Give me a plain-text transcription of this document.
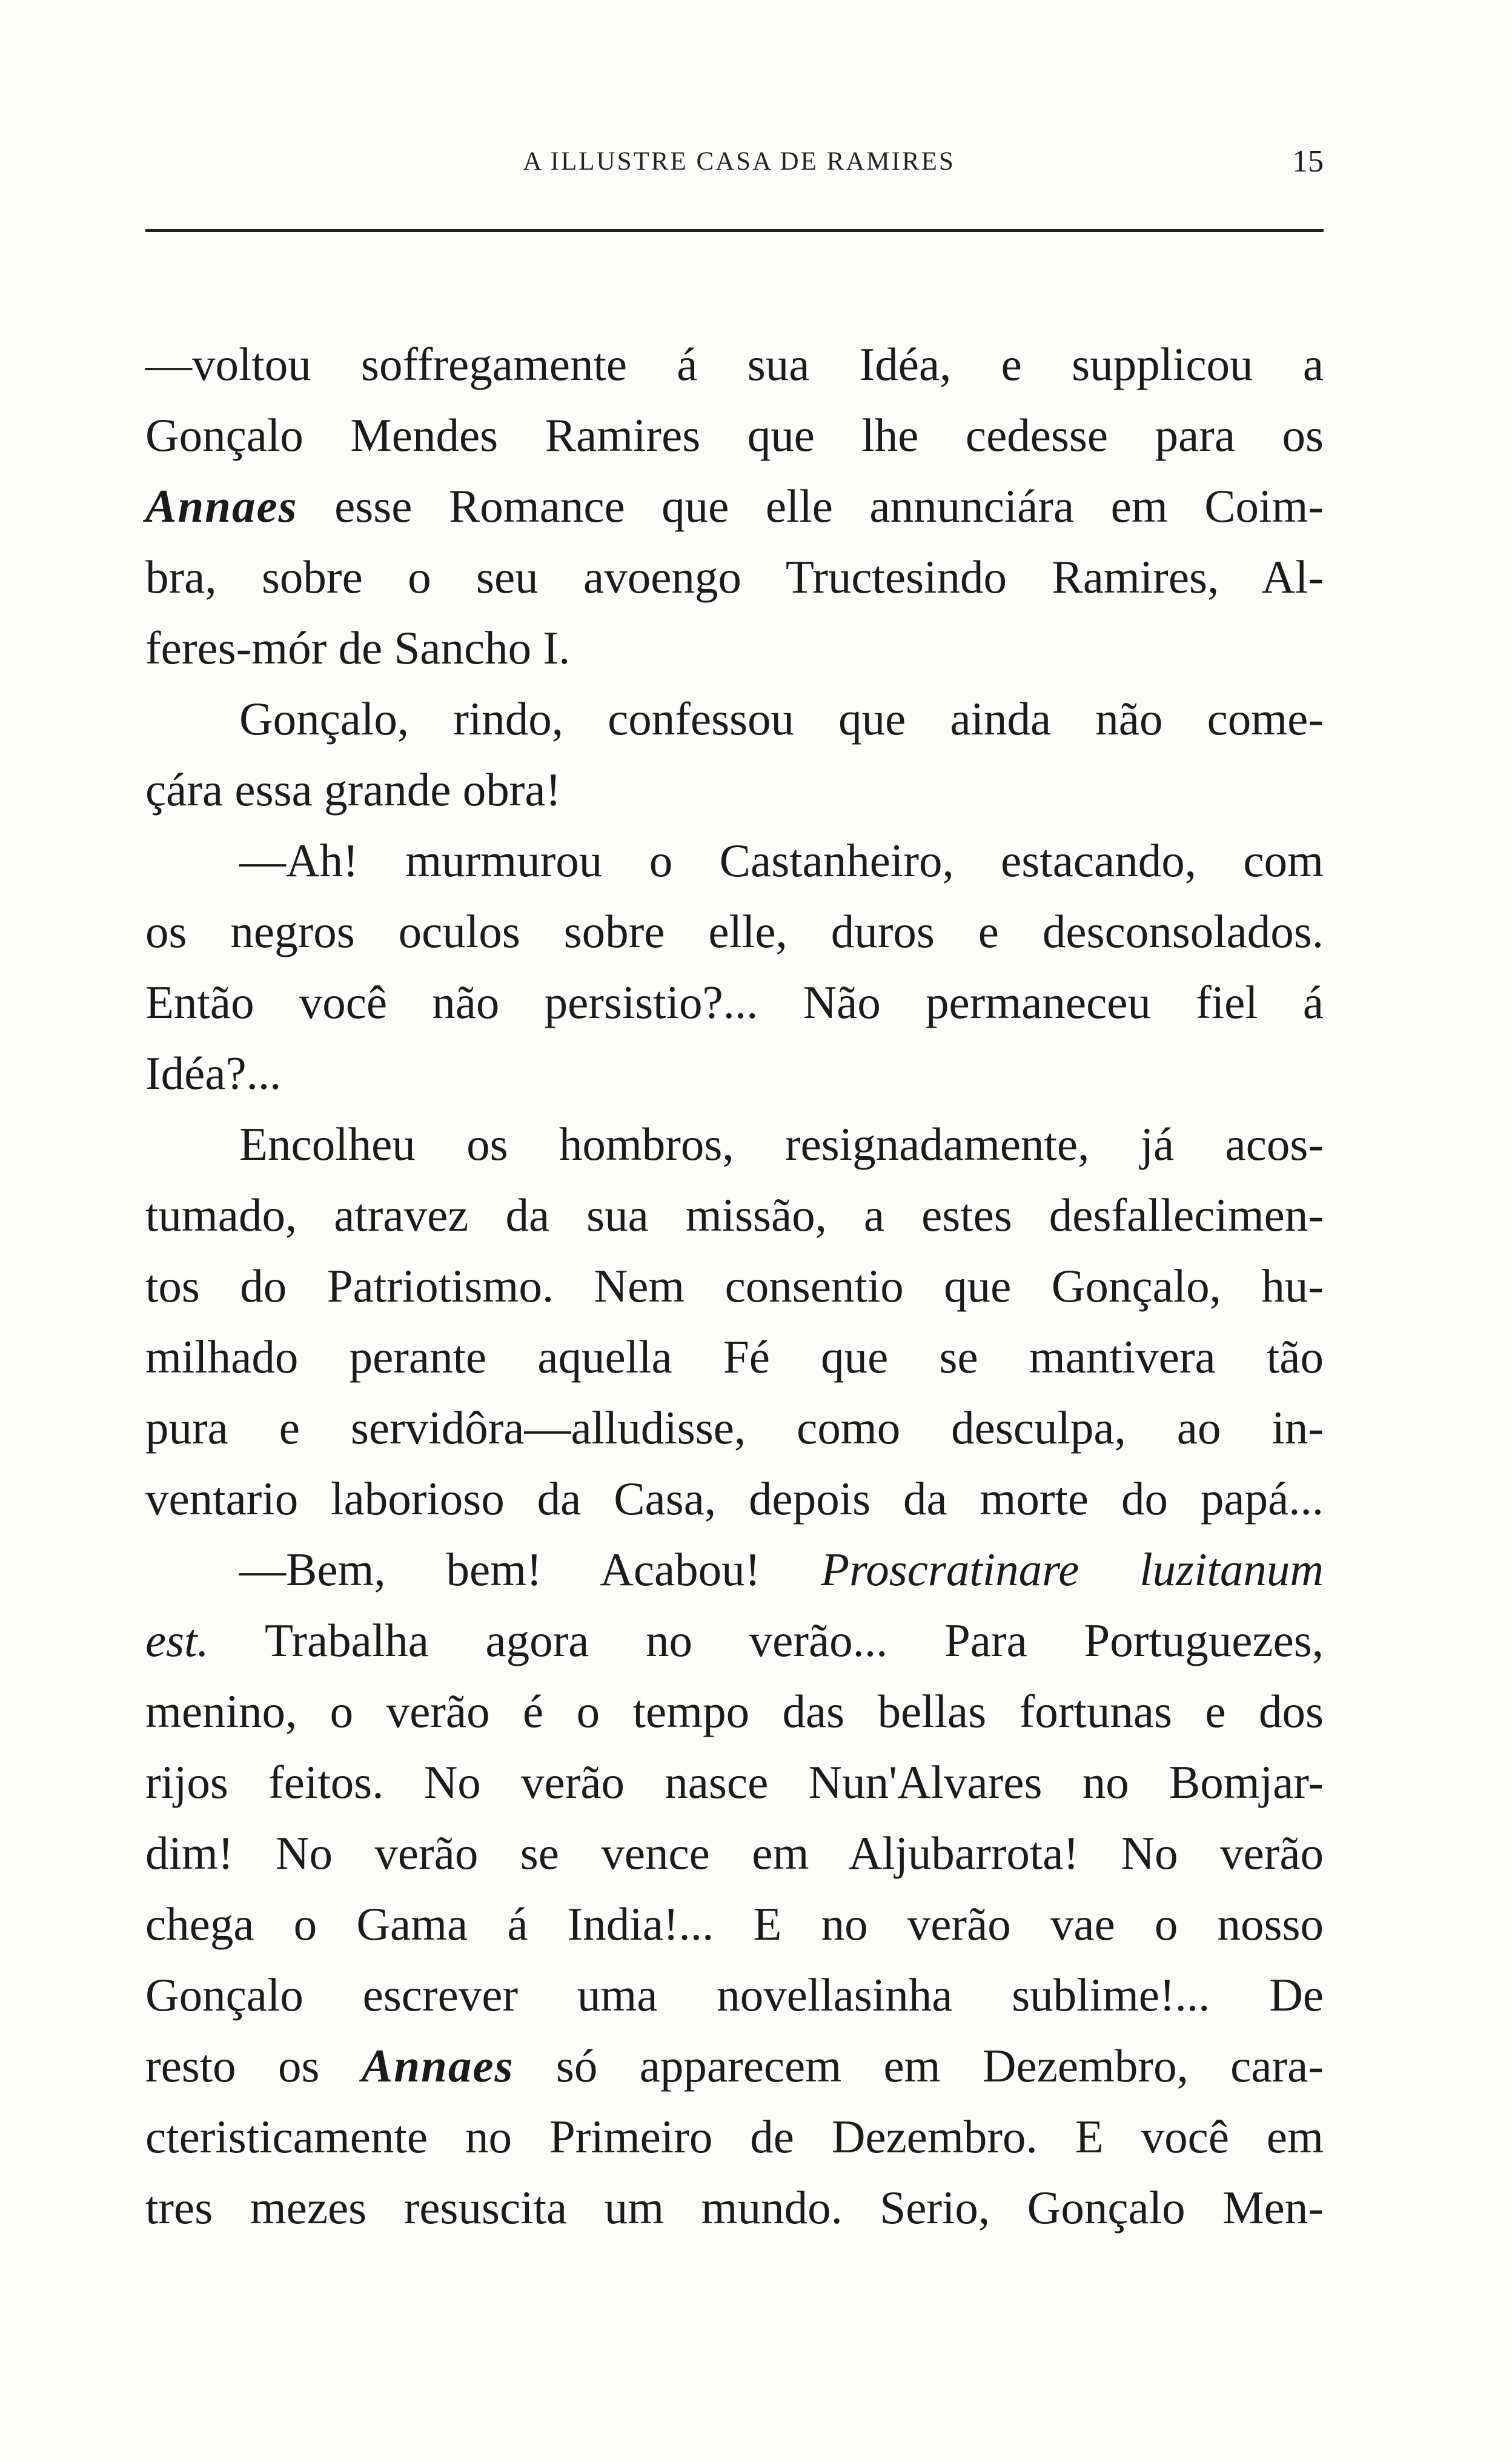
A ILLUSTRE CASA DE RAMIRES	15
—voltou soffregamente á sua Idéa, e supplicou a
Gonçalo Mendes Ramires que lhe cedesse para os
Annaes esse Romance que elle annunciára em Coim-
bra, sobre o seu avoengo Tructesindo Ramires, Al-
feres-mór de Sancho I.
Gonçalo, rindo, confessou que ainda não come-
çára essa grande obra!
—Ah! murmurou o Castanheiro, estacando, com
os negros oculos sobre elle, duros e desconsolados.
Então você não persistio?... Não permaneceu fiel á
Idéa?...
Encolheu os hombros, resignadamente, já acos-
tumado, atravez da sua missão, a estes desfallecimen-
tos do Patriotismo. Nem consentio que Gonçalo, hu-
milhado perante aquella Fé que se mantivera tão
pura e servidôra—alludisse, como desculpa, ao in-
ventario laborioso da Casa, depois da morte do papá...
—Bem, bem! Acabou! Proscratinare luzitanum
est. Trabalha agora no verão... Para Portuguezes,
menino, o verão é o tempo das bellas fortunas e dos
rijos feitos. No verão nasce Nun'Alvares no Bomjar-
dim! No verão se vence em Aljubarrota! No verão
chega o Gama á India!... E no verão vae o nosso
Gonçalo escrever uma novellasinha sublime!... De
resto os Annaes só apparecem em Dezembro, cara-
cteristicamente no Primeiro de Dezembro. E você em
tres mezes resuscita um mundo. Serio, Gonçalo Men-
